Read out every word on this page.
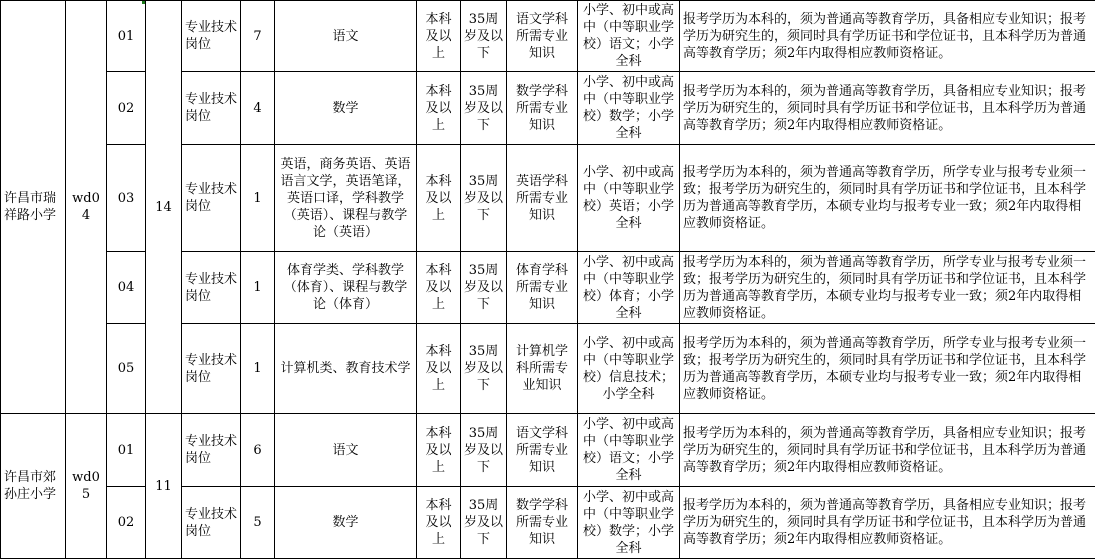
许昌市瑞祥路小学	wd04	01	14	专业技术岗位	7	语文	本科及以上	35周岁及以下	语文学科所需专业知识	小学、初中或高中（中等职业学校）语文；小学全科	报考学历为本科的，须为普通高等教育学历，具备相应专业知识；报考学历为研究生的，须同时具有学历证书和学位证书，且本科学历为普通高等教育学历；须2年内取得相应教师资格证。
		02		专业技术岗位	4	数学	本科及以上	35周岁及以下	数学学科所需专业知识	小学、初中或高中（中等职业学校）数学；小学全科	报考学历为本科的，须为普通高等教育学历，具备相应专业知识；报考学历为研究生的，须同时具有学历证书和学位证书，且本科学历为普通高等教育学历；须2年内取得相应教师资格证。
		03		专业技术岗位	1	英语，商务英语、英语语言文学，英语笔译，英语口译，学科教学（英语）、课程与教学论（英语）	本科及以上	35周岁及以下	英语学科所需专业知识	小学、初中或高中（中等职业学校）英语；小学全科	报考学历为本科的，须为普通高等教育学历，所学专业与报考专业须一致；报考学历为研究生的，须同时具有学历证书和学位证书，且本科学历为普通高等教育学历，本硕专业均与报考专业一致；须2年内取得相应教师资格证。
		04		专业技术岗位	1	体育学类、学科教学（体育）、课程与教学论（体育）	本科及以上	35周岁及以下	体育学科所需专业知识	小学、初中或高中（中等职业学校）体育；小学全科	报考学历为本科的，须为普通高等教育学历，所学专业与报考专业须一致；报考学历为研究生的，须同时具有学历证书和学位证书，且本科学历为普通高等教育学历，本硕专业均与报考专业一致；须2年内取得相应教师资格证。
		05		专业技术岗位	1	计算机类、教育技术学	本科及以上	35周岁及以下	计算机学科所需专业知识	小学、初中或高中（中等职业学校）信息技术；小学全科	报考学历为本科的，须为普通高等教育学历，所学专业与报考专业须一致；报考学历为研究生的，须同时具有学历证书和学位证书，且本科学历为普通高等教育学历，本硕专业均与报考专业一致；须2年内取得相应教师资格证。
许昌市郊孙庄小学	wd05	01	11	专业技术岗位	6	语文	本科及以上	35周岁及以下	语文学科所需专业知识	小学、初中或高中（中等职业学校）语文；小学全科	报考学历为本科的，须为普通高等教育学历，具备相应专业知识；报考学历为研究生的，须同时具有学历证书和学位证书，且本科学历为普通高等教育学历；须2年内取得相应教师资格证。
		02		专业技术岗位	5	数学	本科及以上	35周岁及以下	数学学科所需专业知识	小学、初中或高中（中等职业学校）数学；小学全科	报考学历为本科的，须为普通高等教育学历，具备相应专业知识；报考学历为研究生的，须同时具有学历证书和学位证书，且本科学历为普通高等教育学历；须2年内取得相应教师资格证。
